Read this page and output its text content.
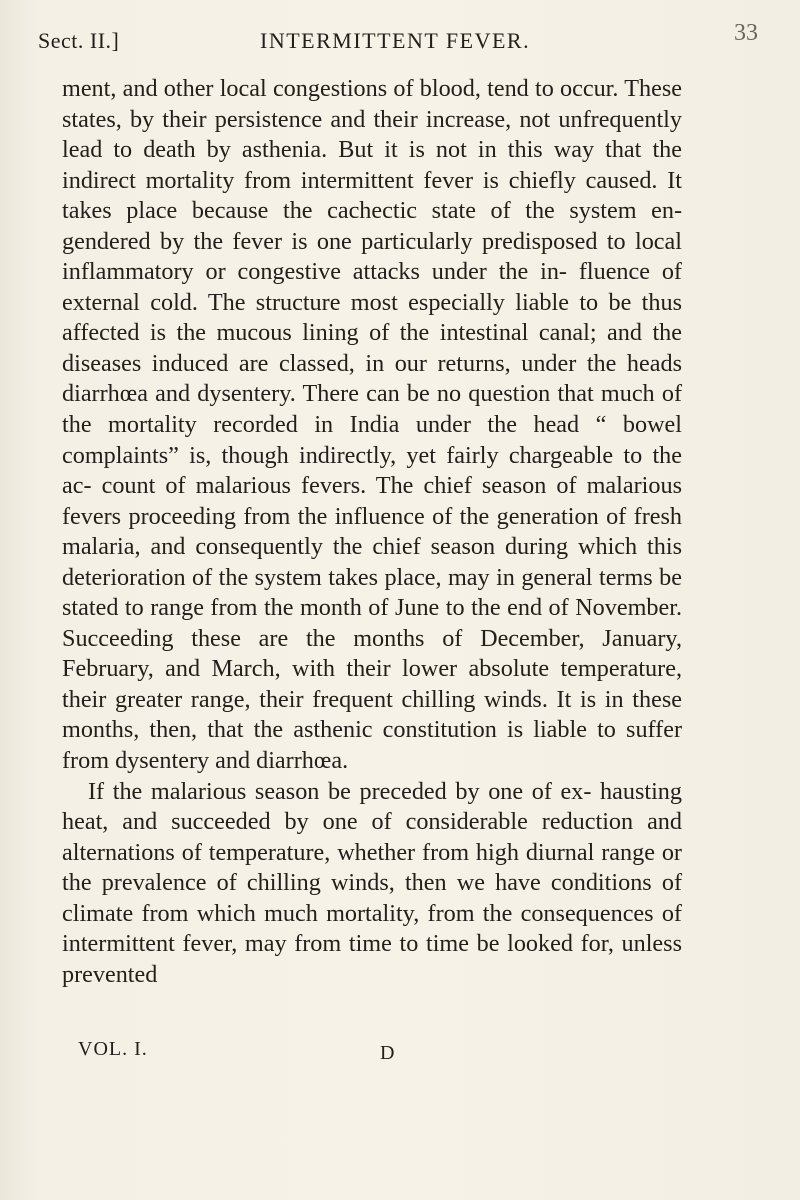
Sect. II.]	INTERMITTENT FEVER.	33

ment, and other local congestions of blood, tend to occur. These states, by their persistence and their increase, not unfrequently lead to death by asthenia. But it is not in this way that the indirect mortality from intermittent fever is chiefly caused. It takes place because the cachectic state of the system en- gendered by the fever is one particularly predisposed to local inflammatory or congestive attacks under the in- fluence of external cold. The structure most especially liable to be thus affected is the mucous lining of the intestinal canal; and the diseases induced are classed, in our returns, under the heads diarrhœa and dysentery. There can be no question that much of the mortality recorded in India under the head “ bowel complaints” is, though indirectly, yet fairly chargeable to the ac- count of malarious fevers. The chief season of malarious fevers proceeding from the influence of the generation of fresh malaria, and consequently the chief season during which this deterioration of the system takes place, may in general terms be stated to range from the month of June to the end of November. Succeeding these are the months of December, January, February, and March, with their lower absolute temperature, their greater range, their frequent chilling winds. It is in these months, then, that the asthenic constitution is liable to suffer from dysentery and diarrhœa.

If the malarious season be preceded by one of ex- hausting heat, and succeeded by one of considerable reduction and alternations of temperature, whether from high diurnal range or the prevalence of chilling winds, then we have conditions of climate from which much mortality, from the consequences of intermittent fever, may from time to time be looked for, unless prevented

VOL. I.	D
